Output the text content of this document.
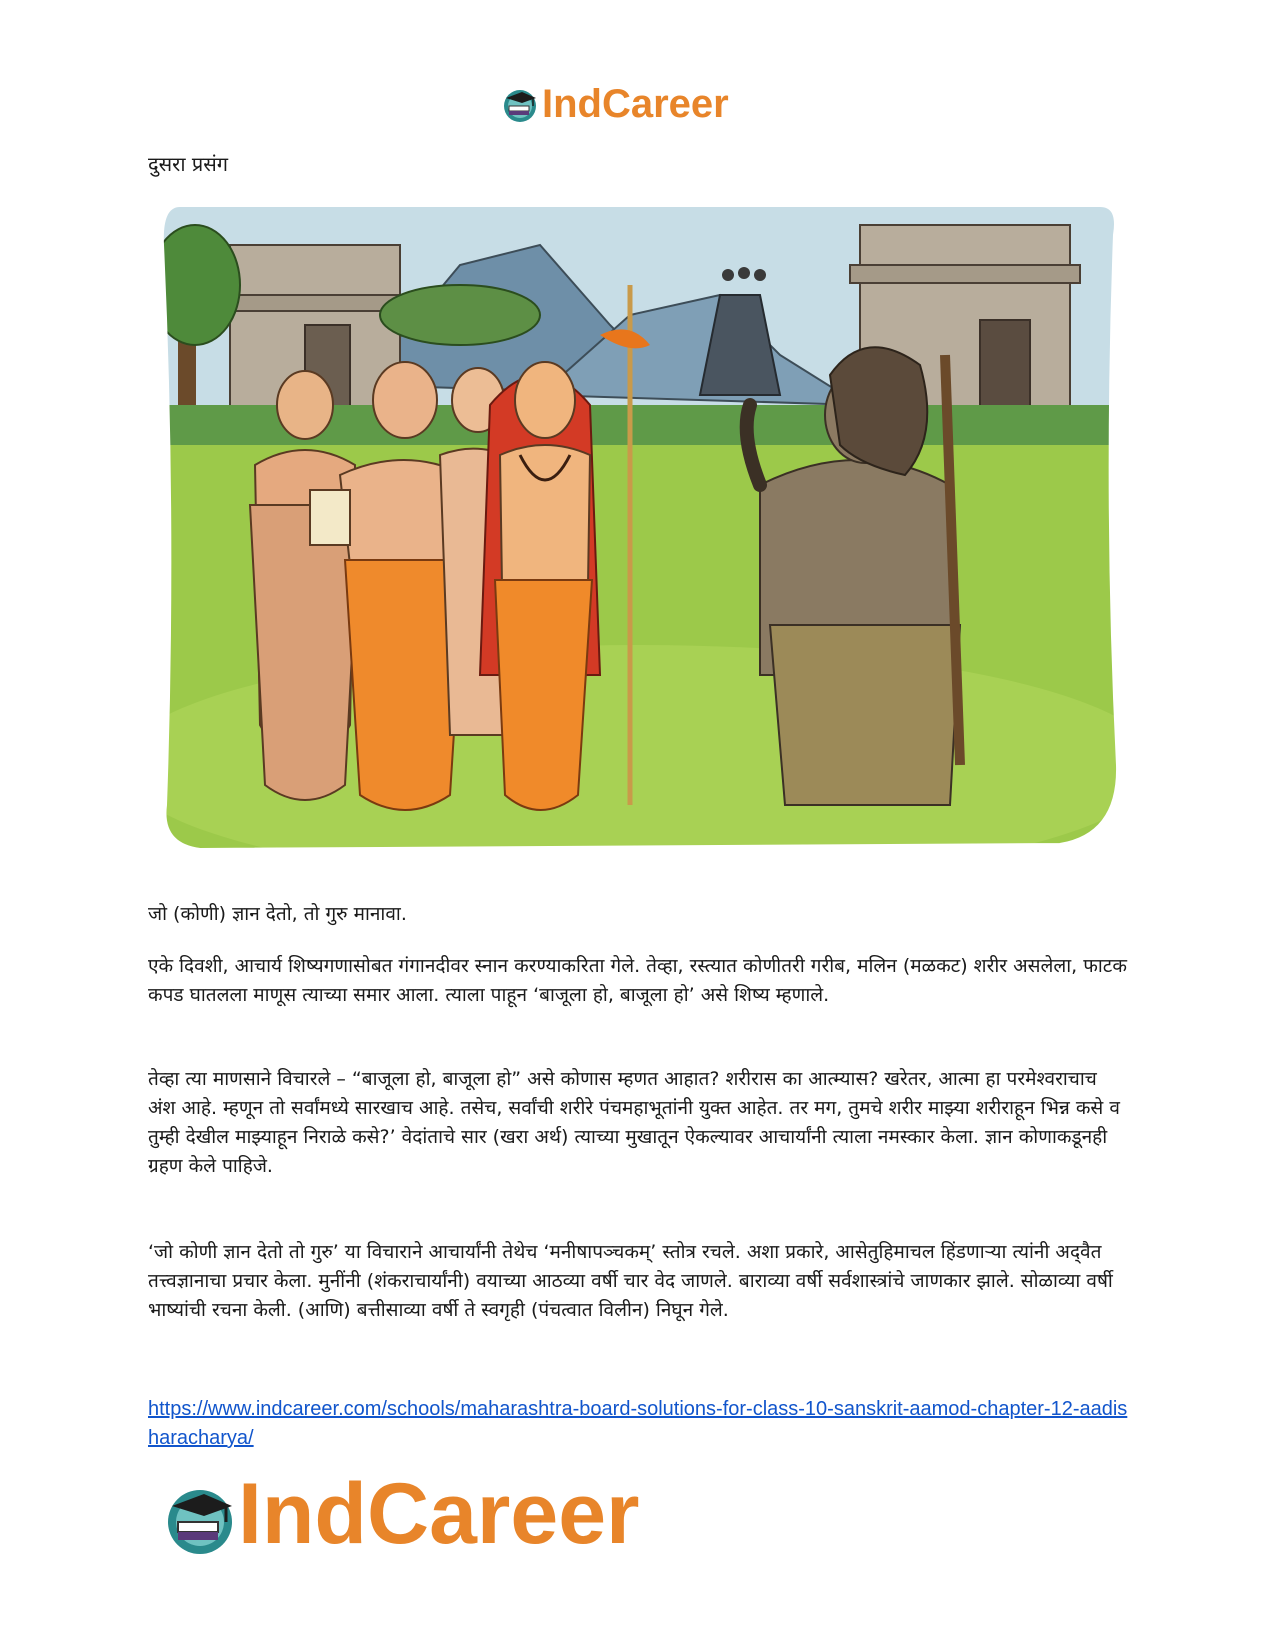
IndCareer
दुसरा प्रसंग

जो (कोणी) ज्ञान देतो, तो गुरु मानावा.

एके दिवशी, आचार्य शिष्यगणासोबत गंगानदीवर स्नान करण्याकरिता गेले. तेव्हा, रस्त्यात कोणीतरी गरीब, मलिन (मळकट) शरीर असलेला, फाटक कपड घातलला माणूस त्याच्या समार आला. त्याला पाहून ‘बाजूला हो, बाजूला हो’ असे शिष्य म्हणाले.

तेव्हा त्या माणसाने विचारले – “बाजूला हो, बाजूला हो” असे कोणास म्हणत आहात? शरीरास का आत्म्यास? खरेतर, आत्मा हा परमेश्वराचाच अंश आहे. म्हणून तो सर्वांमध्ये सारखाच आहे. तसेच, सर्वांची शरीरे पंचमहाभूतांनी युक्त आहेत. तर मग, तुमचे शरीर माझ्या शरीराहून भिन्न कसे व तुम्ही देखील माझ्याहून निराळे कसे?’ वेदांताचे सार (खरा अर्थ) त्याच्या मुखातून ऐकल्यावर आचार्यांनी त्याला नमस्कार केला. ज्ञान कोणाकडूनही ग्रहण केले पाहिजे.

‘जो कोणी ज्ञान देतो तो गुरु’ या विचाराने आचार्यांनी तेथेच ‘मनीषापञ्चकम्’ स्तोत्र रचले. अशा प्रकारे, आसेतुहिमाचल हिंडणाऱ्या त्यांनी अद्‌वैत तत्त्वज्ञानाचा प्रचार केला. मुनींनी (शंकराचार्यांनी) वयाच्या आठव्या वर्षी चार वेद जाणले. बाराव्या वर्षी सर्वशास्त्रांचे जाणकार झाले. सोळाव्या वर्षी भाष्यांची रचना केली. (आणि) बत्तीसाव्या वर्षी ते स्वगृही (पंचत्वात विलीन) निघून गेले.

https://www.indcareer.com/schools/maharashtra-board-solutions-for-class-10-sanskrit-aamod-chapter-12-aadisharacharya/
IndCareer
